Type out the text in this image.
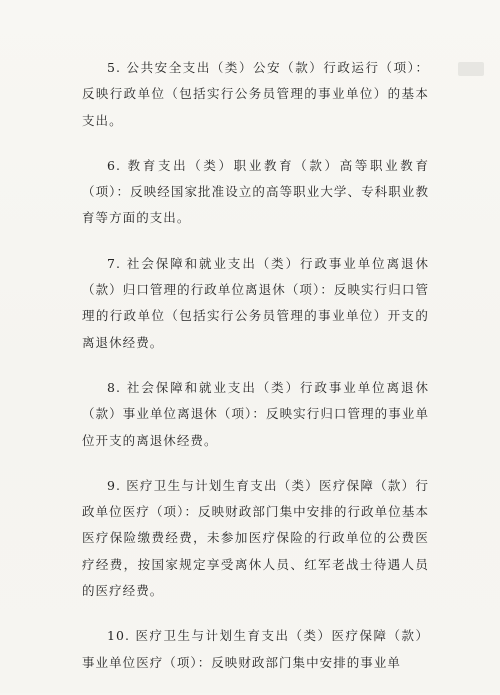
5. 公共安全支出（类）公安（款）行政运行（项）：反映行政单位（包括实行公务员管理的事业单位）的基本支出。

6. 教育支出（类）职业教育（款）高等职业教育（项）：反映经国家批准设立的高等职业大学、专科职业教育等方面的支出。

7. 社会保障和就业支出（类）行政事业单位离退休（款）归口管理的行政单位离退休（项）：反映实行归口管理的行政单位（包括实行公务员管理的事业单位）开支的离退休经费。

8. 社会保障和就业支出（类）行政事业单位离退休（款）事业单位离退休（项）：反映实行归口管理的事业单位开支的离退休经费。

9. 医疗卫生与计划生育支出（类）医疗保障（款）行政单位医疗（项）：反映财政部门集中安排的行政单位基本医疗保险缴费经费，未参加医疗保险的行政单位的公费医疗经费，按国家规定享受离休人员、红军老战士待遇人员的医疗经费。

10. 医疗卫生与计划生育支出（类）医疗保障（款）事业单位医疗（项）：反映财政部门集中安排的事业单
